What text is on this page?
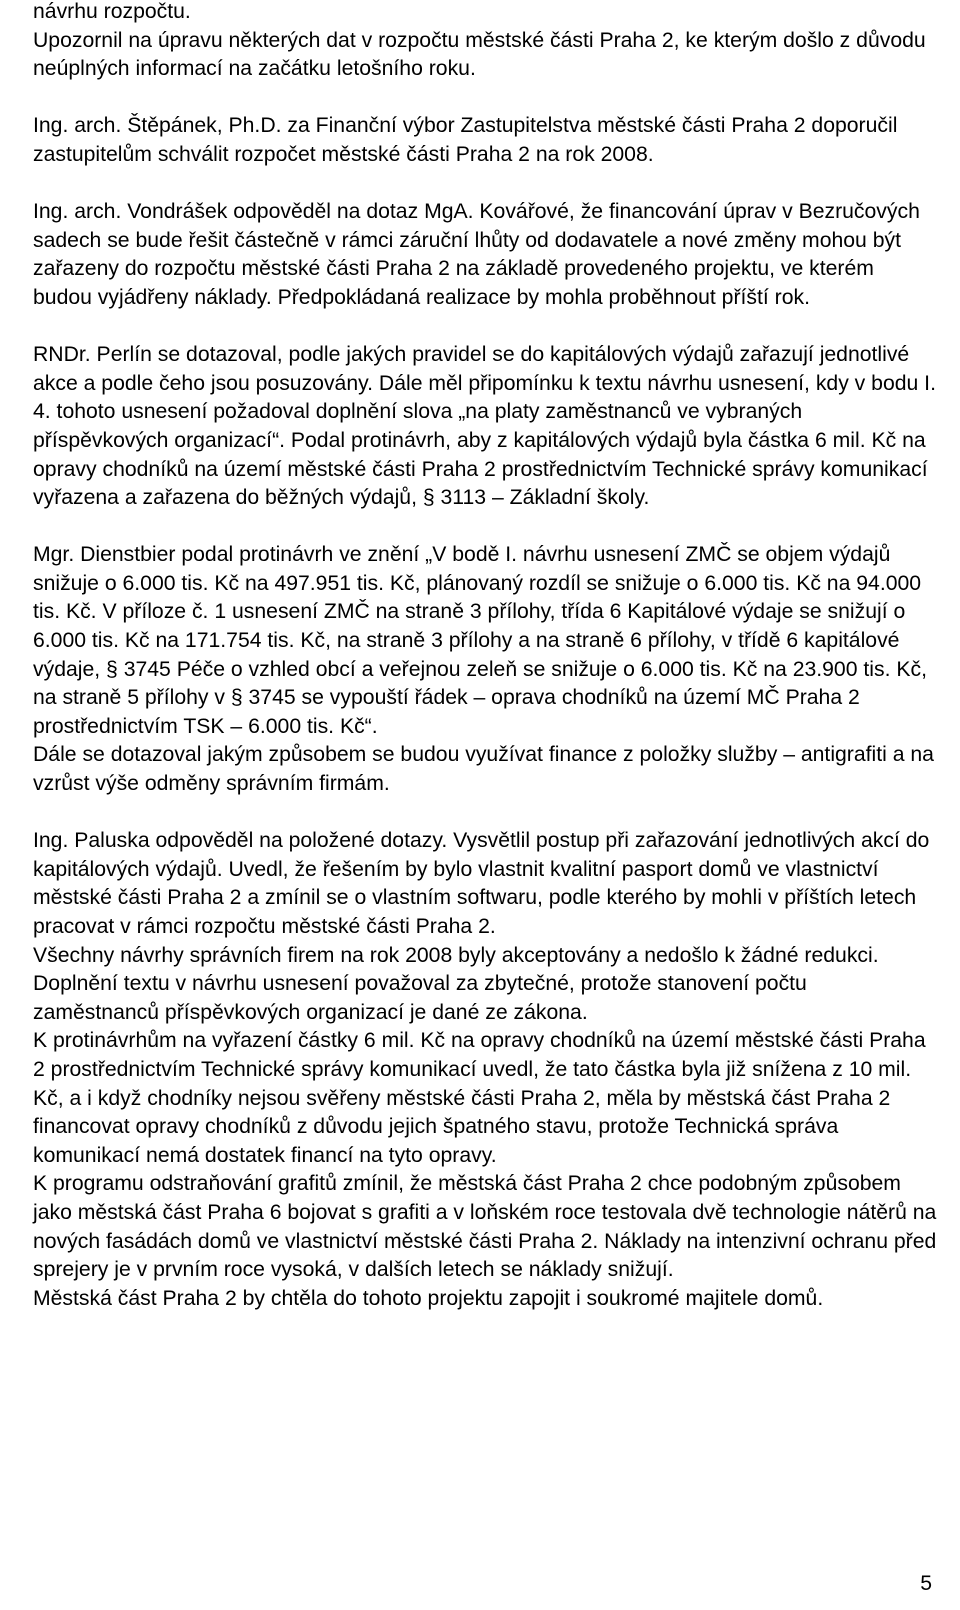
návrhu rozpočtu.

Upozornil na úpravu některých dat v rozpočtu městské části Praha 2, ke kterým došlo z důvodu neúplných informací na začátku letošního roku.

Ing. arch. Štěpánek, Ph.D. za Finanční výbor Zastupitelstva městské části Praha 2 doporučil zastupitelům schválit rozpočet městské části Praha 2 na rok 2008.

Ing. arch. Vondrášek odpověděl na dotaz MgA. Kovářové, že financování úprav v Bezručových sadech se bude řešit částečně v rámci záruční lhůty od dodavatele a nové změny mohou být zařazeny do rozpočtu městské části Praha 2 na základě provedeného projektu, ve kterém budou vyjádřeny náklady. Předpokládaná realizace by mohla proběhnout příští rok.

RNDr. Perlín se dotazoval, podle jakých pravidel se do kapitálových výdajů zařazují jednotlivé akce a podle čeho jsou posuzovány. Dále měl připomínku k textu návrhu usnesení, kdy v bodu I. 4. tohoto usnesení požadoval doplnění slova „na platy zaměstnanců ve vybraných příspěvkových organizací“. Podal protinávrh, aby z kapitálových výdajů byla částka 6 mil. Kč na opravy chodníků na území městské části Praha 2 prostřednictvím Technické správy komunikací vyřazena a zařazena do běžných výdajů, § 3113 – Základní školy.

Mgr. Dienstbier podal protinávrh ve znění „V bodě I. návrhu usnesení ZMČ se objem výdajů snižuje o 6.000 tis. Kč na 497.951 tis. Kč, plánovaný rozdíl se snižuje o 6.000 tis. Kč na 94.000 tis. Kč. V příloze č. 1 usnesení ZMČ na straně 3 přílohy, třída 6 Kapitálové výdaje se snižují o 6.000 tis. Kč na 171.754 tis. Kč, na straně 3 přílohy a na straně 6 přílohy, v třídě 6 kapitálové výdaje, § 3745 Péče o vzhled obcí a veřejnou zeleň se snižuje o 6.000 tis. Kč na 23.900 tis. Kč, na straně 5 přílohy v § 3745 se vypouští řádek – oprava chodníků na území MČ Praha 2 prostřednictvím TSK – 6.000 tis. Kč“.

Dále se dotazoval jakým způsobem se budou využívat finance z položky služby – antigrafiti a na vzrůst výše odměny správním firmám.

Ing. Paluska odpověděl na položené dotazy. Vysvětlil postup při zařazování jednotlivých akcí do kapitálových výdajů. Uvedl, že řešením by bylo vlastnit kvalitní pasport domů ve vlastnictví městské části Praha 2 a zmínil se o vlastním softwaru, podle kterého by mohli v příštích letech pracovat v rámci rozpočtu městské části Praha 2.

Všechny návrhy správních firem na rok 2008 byly akceptovány a nedošlo k žádné redukci.

Doplnění textu v návrhu usnesení považoval za zbytečné, protože stanovení počtu zaměstnanců příspěvkových organizací je dané ze zákona.

K protinávrhům na vyřazení částky 6 mil. Kč na opravy chodníků na území městské části Praha 2 prostřednictvím Technické správy komunikací uvedl, že tato částka byla již snížena z 10 mil. Kč, a i když chodníky nejsou svěřeny městské části Praha 2, měla by městská část Praha 2 financovat opravy chodníků z důvodu jejich špatného stavu, protože Technická správa komunikací nemá dostatek financí na tyto opravy.

K programu odstraňování grafitů zmínil, že městská část Praha 2 chce podobným způsobem jako městská část Praha 6 bojovat s grafiti a v loňském roce testovala dvě technologie nátěrů na nových fasádách domů ve vlastnictví městské části Praha 2. Náklady na intenzivní ochranu před sprejery je v prvním roce vysoká, v dalších letech se náklady snižují.

Městská část Praha 2 by chtěla do tohoto projektu zapojit i soukromé majitele domů.

5
